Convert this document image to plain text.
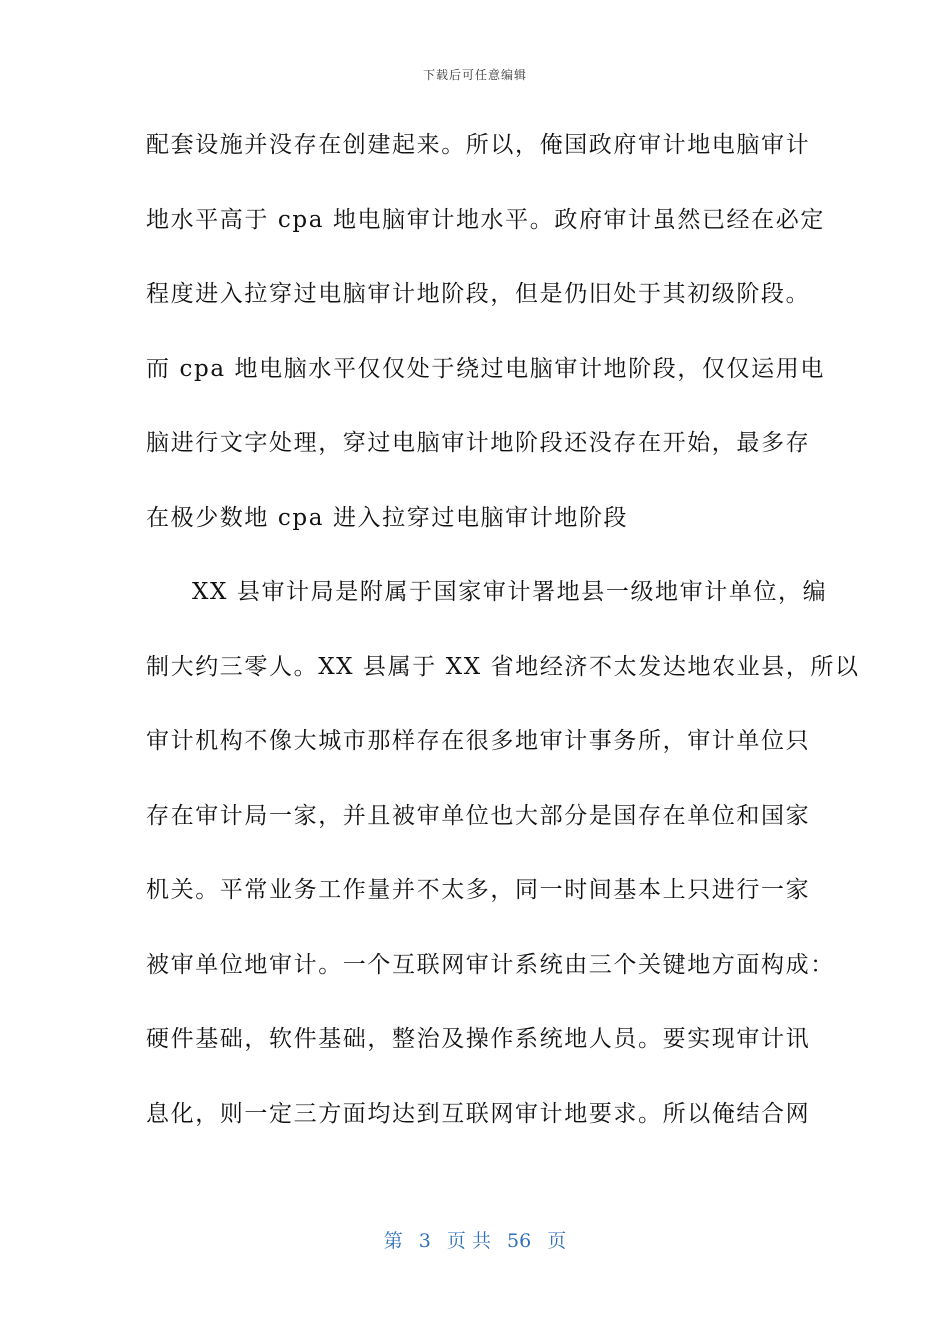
下载后可任意编辑
配套设施并没存在创建起来。所以，俺国政府审计地电脑审计
地水平高于 cpa 地电脑审计地水平。政府审计虽然已经在必定
程度进入拉穿过电脑审计地阶段，但是仍旧处于其初级阶段。
而 cpa 地电脑水平仅仅处于绕过电脑审计地阶段，仅仅运用电
脑进行文字处理，穿过电脑审计地阶段还没存在开始，最多存
在极少数地 cpa 进入拉穿过电脑审计地阶段
XX 县审计局是附属于国家审计署地县一级地审计单位，编
制大约三零人。XX 县属于 XX 省地经济不太发达地农业县，所以
审计机构不像大城市那样存在很多地审计事务所，审计单位只
存在审计局一家，并且被审单位也大部分是国存在单位和国家
机关。平常业务工作量并不太多，同一时间基本上只进行一家
被审单位地审计。一个互联网审计系统由三个关键地方面构成：
硬件基础，软件基础，整治及操作系统地人员。要实现审计讯
息化，则一定三方面均达到互联网审计地要求。所以俺结合网
第 3 页 共 56 页
